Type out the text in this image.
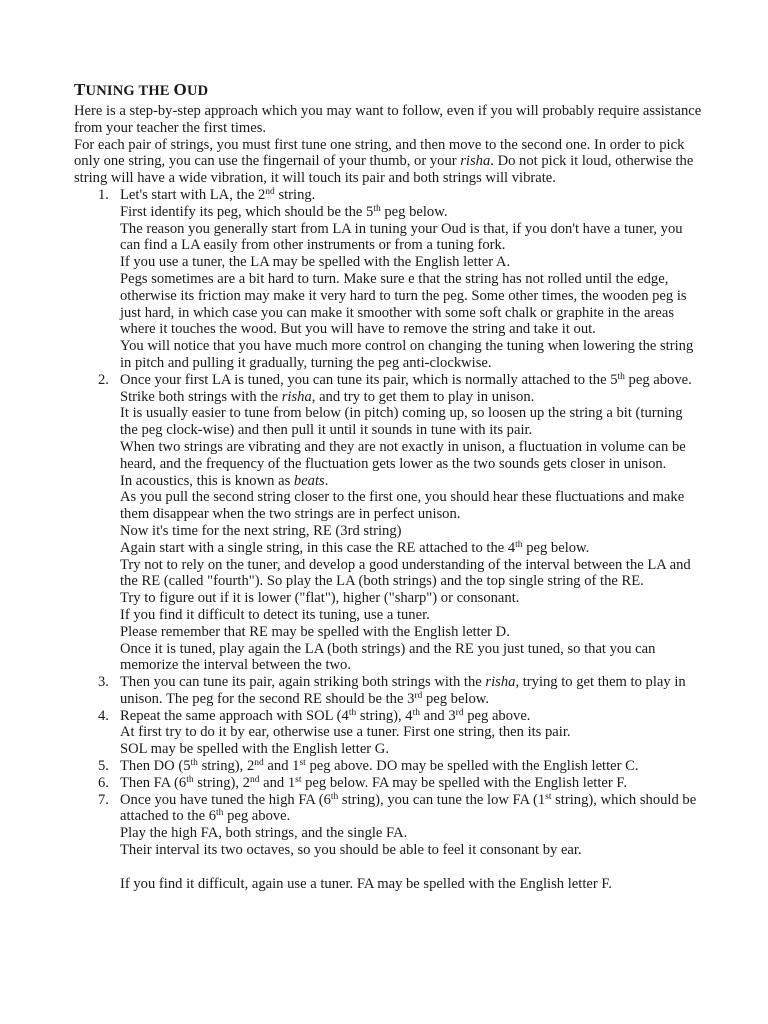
TUNING THE OUD

Here is a step-by-step approach which you may want to follow, even if you will probably require assistance from your teacher the first times.

For each pair of strings, you must first tune one string, and then move to the second one. In order to pick only one string, you can use the fingernail of your thumb, or your risha. Do not pick it loud, otherwise the string will have a wide vibration, it will touch its pair and both strings will vibrate.

1. Let's start with LA, the 2nd string.

First identify its peg, which should be the 5th peg below.

The reason you generally start from LA in tuning your Oud is that, if you don't have a tuner, you can find a LA easily from other instruments or from a tuning fork.

If you use a tuner, the LA may be spelled with the English letter A.

Pegs sometimes are a bit hard to turn. Make sure e that the string has not rolled until the edge, otherwise its friction may make it very hard to turn the peg. Some other times, the wooden peg is just hard, in which case you can make it smoother with some soft chalk or graphite in the areas where it touches the wood. But you will have to remove the string and take it out.

You will notice that you have much more control on changing the tuning when lowering the string in pitch and pulling it gradually, turning the peg anti-clockwise.

2. Once your first LA is tuned, you can tune its pair, which is normally attached to the 5th peg above. Strike both strings with the risha, and try to get them to play in unison.

It is usually easier to tune from below (in pitch) coming up, so loosen up the string a bit (turning the peg clock-wise) and then pull it until it sounds in tune with its pair.

When two strings are vibrating and they are not exactly in unison, a fluctuation in volume can be heard, and the frequency of the fluctuation gets lower as the two sounds gets closer in unison.

In acoustics, this is known as beats.

As you pull the second string closer to the first one, you should hear these fluctuations and make them disappear when the two strings are in perfect unison.

Now it's time for the next string, RE (3rd string)

Again start with a single string, in this case the RE attached to the 4th peg below.

Try not to rely on the tuner, and develop a good understanding of the interval between the LA and the RE (called "fourth"). So play the LA (both strings) and the top single string of the RE.

Try to figure out if it is lower ("flat"), higher ("sharp") or consonant.

If you find it difficult to detect its tuning, use a tuner.

Please remember that RE may be spelled with the English letter D.

Once it is tuned, play again the LA (both strings) and the RE you just tuned, so that you can memorize the interval between the two.

3. Then you can tune its pair, again striking both strings with the risha, trying to get them to play in unison. The peg for the second RE should be the 3rd peg below.

4. Repeat the same approach with SOL (4th string), 4th and 3rd peg above.

At first try to do it by ear, otherwise use a tuner. First one string, then its pair.

SOL may be spelled with the English letter G.

5. Then DO (5th string), 2nd and 1st peg above. DO may be spelled with the English letter C.

6. Then FA (6th string), 2nd and 1st peg below. FA may be spelled with the English letter F.

7. Once you have tuned the high FA (6th string), you can tune the low FA (1st string), which should be attached to the 6th peg above.

Play the high FA, both strings, and the single FA.

Their interval its two octaves, so you should be able to feel it consonant by ear.

If you find it difficult, again use a tuner. FA may be spelled with the English letter F.
